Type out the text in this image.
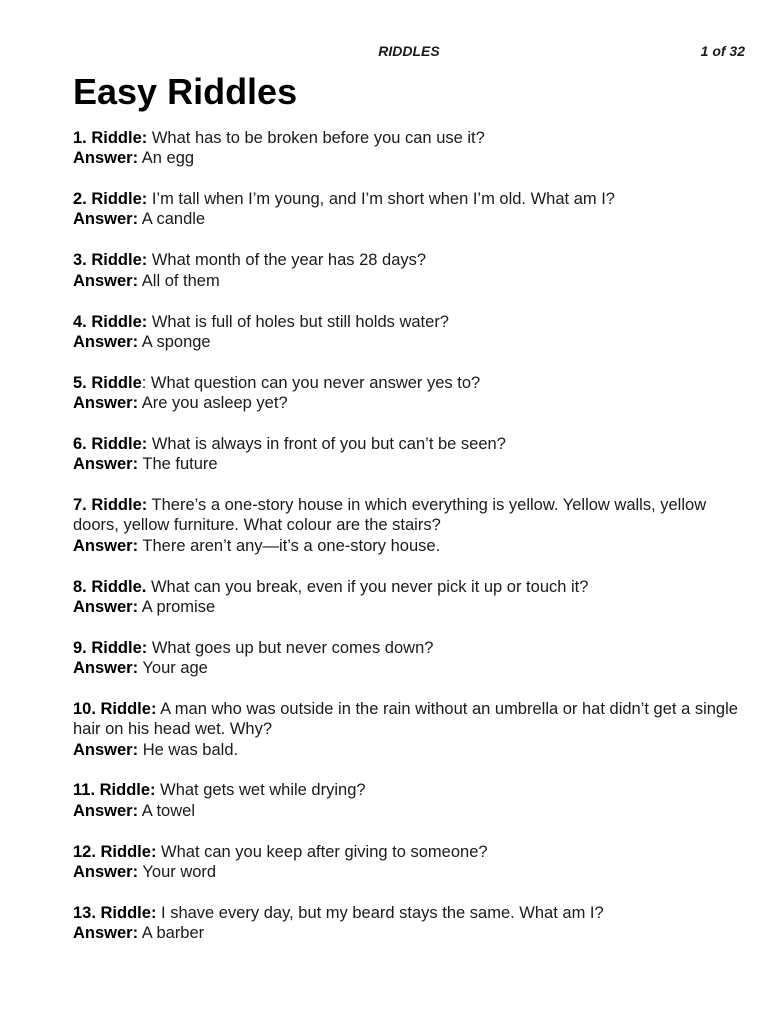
RIDDLES	1 of 32
Easy Riddles

1. Riddle: What has to be broken before you can use it?

Answer: An egg

2. Riddle: I’m tall when I’m young, and I’m short when I’m old. What am I?

Answer: A candle

3. Riddle: What month of the year has 28 days?

Answer: All of them

4. Riddle: What is full of holes but still holds water?

Answer: A sponge

5. Riddle: What question can you never answer yes to?

Answer: Are you asleep yet?

6. Riddle: What is always in front of you but can’t be seen?

Answer: The future

7. Riddle: There’s a one-story house in which everything is yellow. Yellow walls, yellow doors, yellow furniture. What colour are the stairs?

Answer: There aren’t any—it’s a one-story house.

8. Riddle. What can you break, even if you never pick it up or touch it?

Answer: A promise

9. Riddle: What goes up but never comes down?

Answer: Your age

10. Riddle: A man who was outside in the rain without an umbrella or hat didn’t get a single hair on his head wet. Why?

Answer: He was bald.

11. Riddle: What gets wet while drying?

Answer: A towel

12. Riddle: What can you keep after giving to someone?

Answer: Your word

13. Riddle: I shave every day, but my beard stays the same. What am I?

Answer: A barber
